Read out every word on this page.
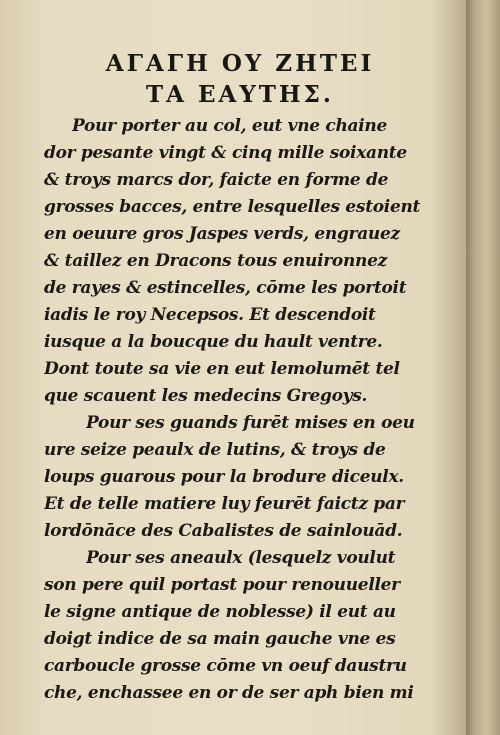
ΑΓΑΓΗ ΟΥ ΖΗΤΕΙ
ΤΑ ΕΑΥΤΗΣ.
Pour porter au col, eut vne chaine
dor pesante vingt & cinq mille soixante
& troys marcs dor, faicte en forme de
grosses bacces, entre lesquelles estoient
en oeuure gros Jaspes verds, engrauez
& taillez en Dracons tous enuironnez
de rayes & estincelles, cōme les portoit
iadis le roy Necepsos. Et descendoit
iusque a la boucque du hault ventre.
Dont toute sa vie en eut lemolumēt tel
que scauent les medecins Gregoys.
Pour ses guands furēt mises en oeu
ure seize peaulx de lutins, & troys de
loups guarous pour la brodure diceulx.
Et de telle matiere luy feurēt faictz par
lordōnāce des Cabalistes de sainlouād.
Pour ses aneaulx (lesquelz voulut
son pere quil portast pour renouueller
le signe antique de noblesse) il eut au
doigt indice de sa main gauche vne es
carboucle grosse cōme vn oeuf daustru
che, enchassee en or de ser aph bien mi
